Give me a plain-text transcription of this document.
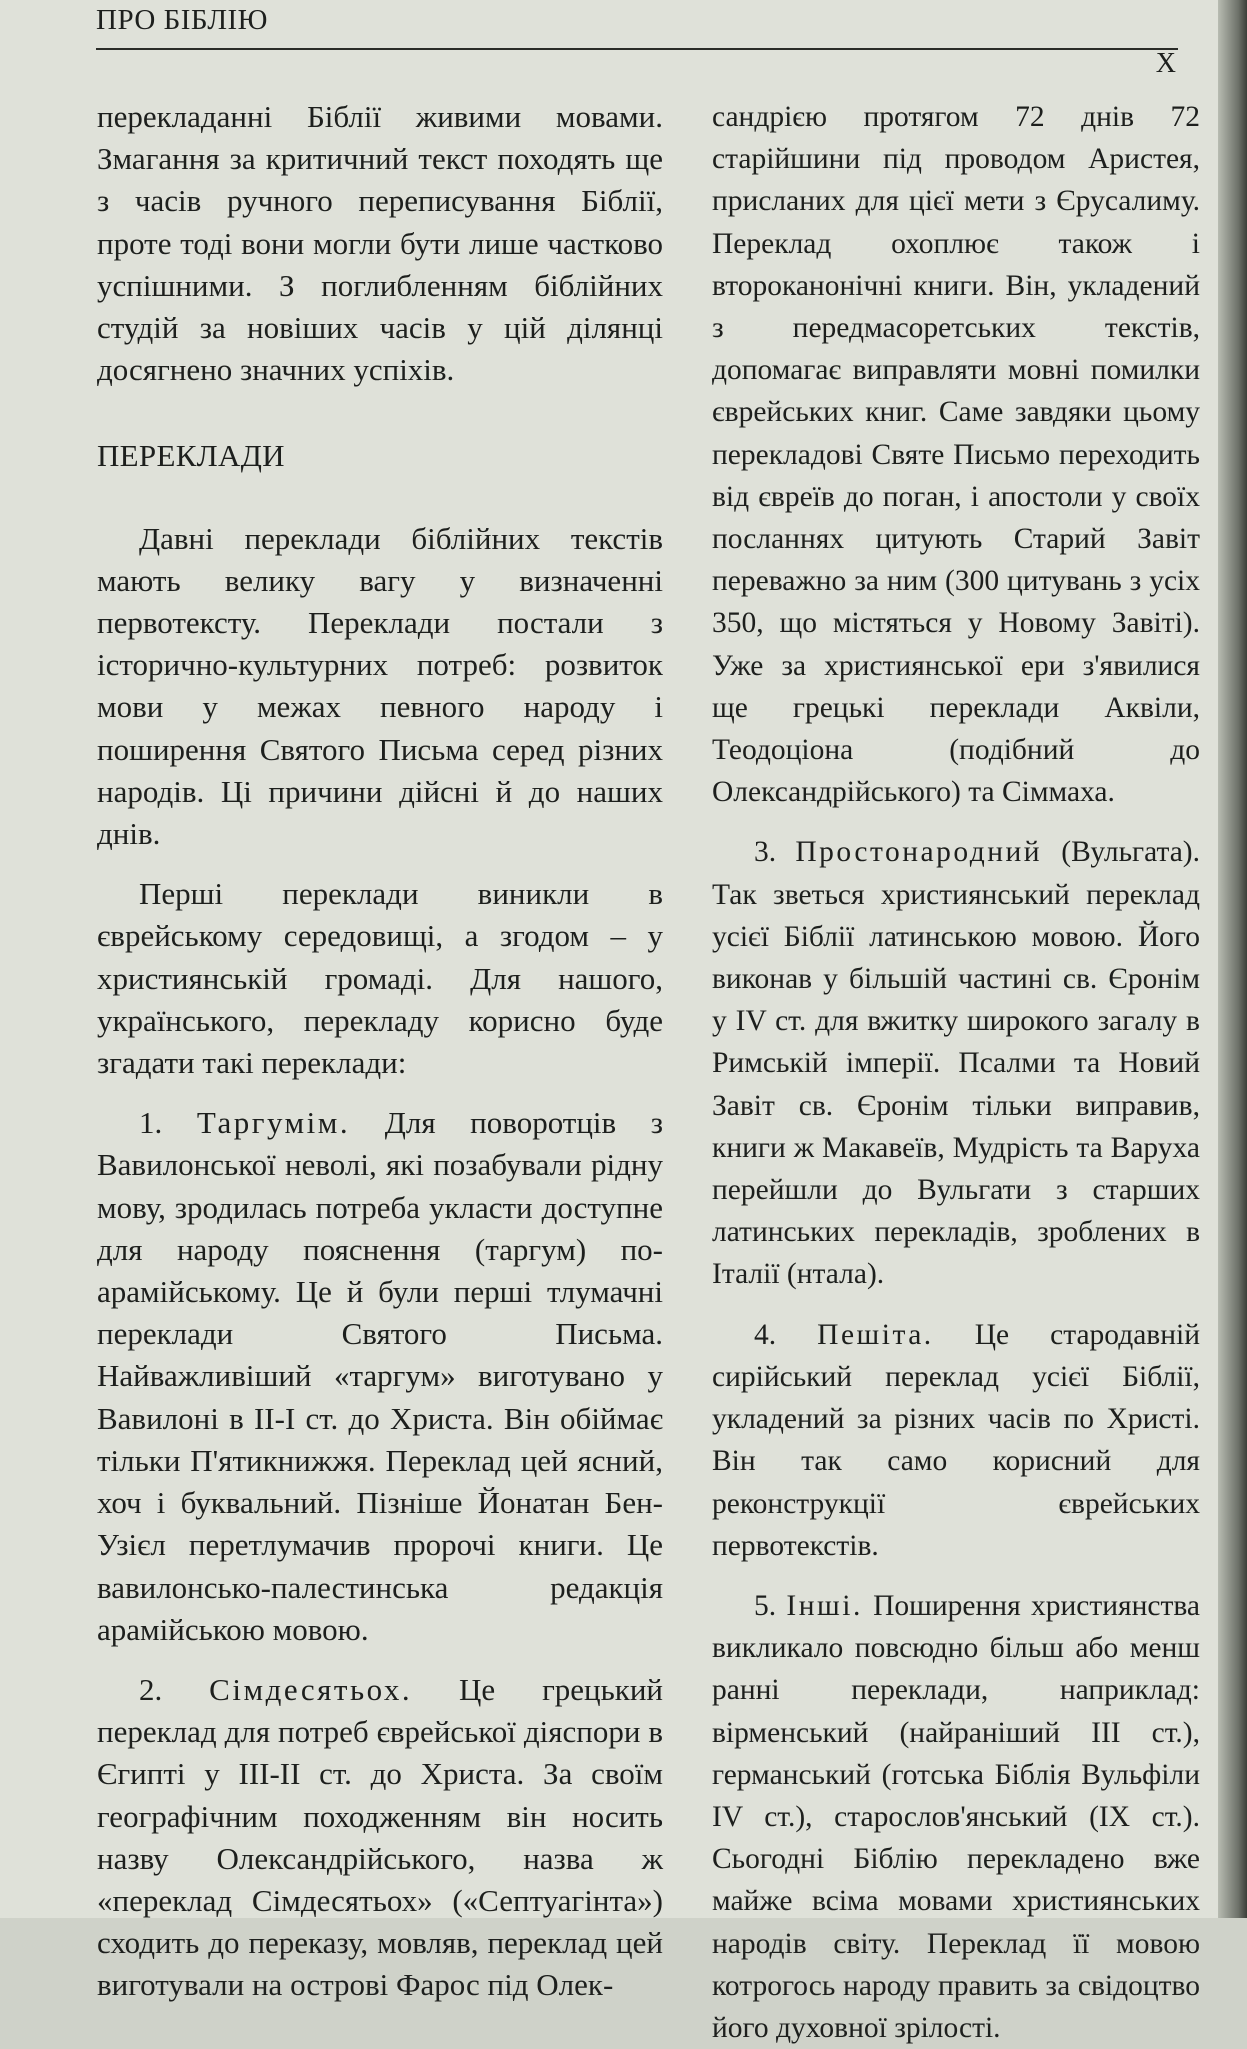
ПРО БІБЛІЮ
Х

перекладанні Біблії живими мовами. Змагання за критичний текст походять ще з часів ручного переписування Біблії, проте тоді вони могли бути лише частково успішними. З поглибленням біблійних студій за новіших часів у цій ділянці досягнено значних успіхів.

ПЕРЕКЛАДИ

Давні переклади біблійних текстів мають велику вагу у визначенні первотексту. Переклади постали з історично-культурних потреб: розвиток мови у межах певного народу і поширення Святого Письма серед різних народів. Ці причини дійсні й до наших днів.

Перші переклади виникли в єврейському середовищі, а згодом – у християнській громаді. Для нашого, українського, перекладу корисно буде згадати такі переклади:

1. Таргумім. Для поворотців з Вавилонської неволі, які позабували рідну мову, зродилась потреба укласти доступне для народу пояснення (таргум) по-арамійському. Це й були перші тлумачні переклади Святого Письма. Найважливіший «таргум» виготувано у Вавилоні в ІІ-І ст. до Христа. Він обіймає тільки П'ятикнижжя. Переклад цей ясний, хоч і буквальний. Пізніше Йонатан Бен-Узієл перетлумачив пророчі книги. Це вавилонсько-палестинська редакція арамійською мовою.

2. Сімдесятьох. Це грецький переклад для потреб єврейської діяспори в Єгипті у ІІІ-ІІ ст. до Христа. За своїм географічним походженням він носить назву Олександрійського, назва ж «переклад Сімдесятьох» («Септуагінта») сходить до переказу, мовляв, переклад цей виготували на острові Фарос під Олек-

сандрією протягом 72 днів 72 старійшини під проводом Аристея, присланих для цієї мети з Єрусалиму. Переклад охоплює також і второканонічні книги. Він, укладений з передмасоретських текстів, допомагає виправляти мовні помилки єврейських книг. Саме завдяки цьому перекладові Святе Письмо переходить від євреїв до поган, і апостоли у своїх посланнях цитують Старий Завіт переважно за ним (300 цитувань з усіх 350, що містяться у Новому Завіті). Уже за християнської ери з'явилися ще грецькі переклади Аквіли, Теодоціона (подібний до Олександрійського) та Сіммаха.

3. Простонародний (Вульгата). Так зветься християнський переклад усієї Біблії латинською мовою. Його виконав у більшій частині св. Єронім у IV ст. для вжитку широкого загалу в Римській імперії. Псалми та Новий Завіт св. Єронім тільки виправив, книги ж Макавеїв, Мудрість та Варуха перейшли до Вульгати з старших латинських перекладів, зроблених в Італії (нтала).

4. Пешіта. Це стародавній сирійський переклад усієї Біблії, укладений за різних часів по Христі. Він так само корисний для реконструкції єврейських первотекстів.

5. Інші. Поширення християнства викликало повсюдно більш або менш ранні переклади, наприклад: вірменський (найраніший ІІІ ст.), германський (готська Біблія Вульфіли IV ст.), старослов'янський (ІХ ст.). Сьогодні Біблію перекладено вже майже всіма мовами християнських народів світу. Переклад її мовою котрогось народу править за свідоцтво його духовної зрілості.
